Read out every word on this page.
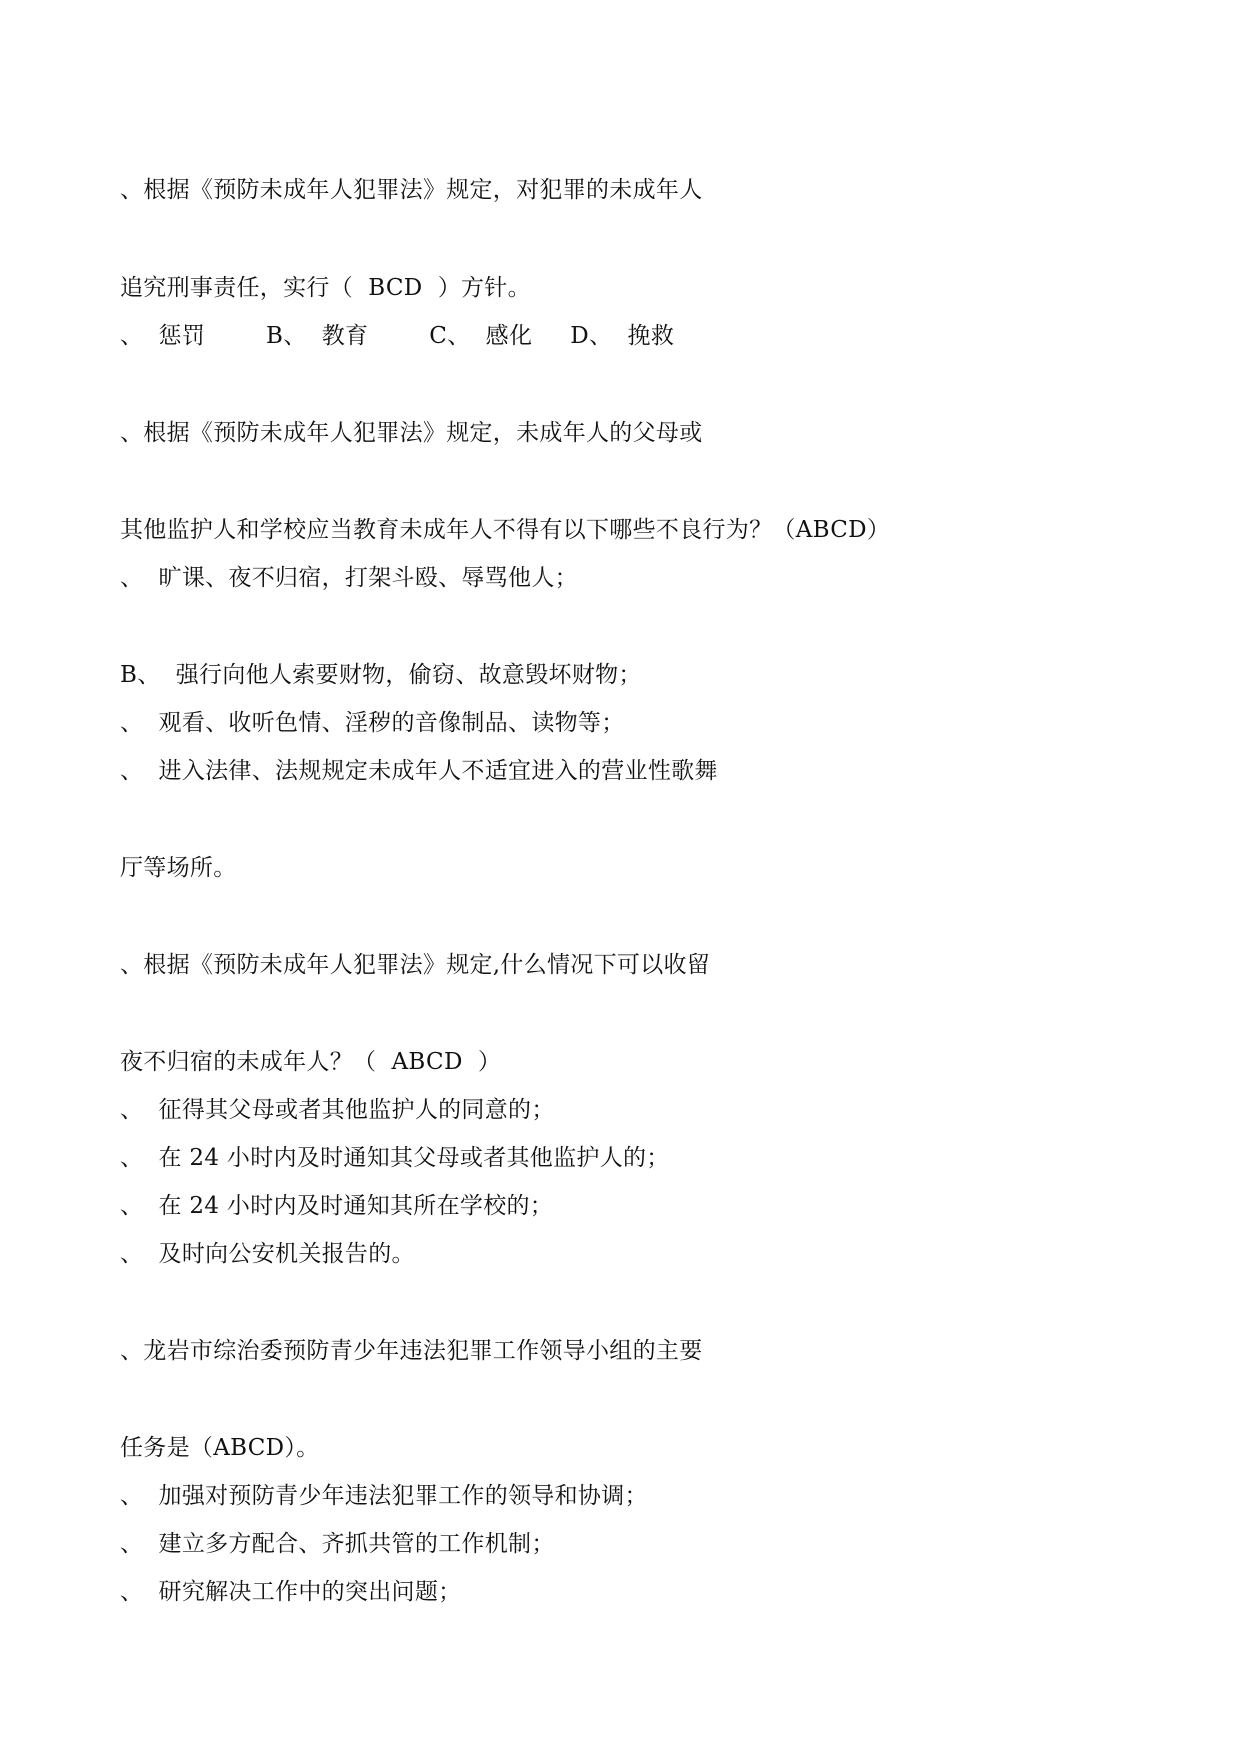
、根据《预防未成年人犯罪法》规定，对犯罪的未成年人
追究刑事责任，实行（  BCD  ）方针。
、  惩罚        B、  教育        C、  感化     D、  挽救
、根据《预防未成年人犯罪法》规定，未成年人的父母或
其他监护人和学校应当教育未成年人不得有以下哪些不良行为？（ABCD）
、  旷课、夜不归宿，打架斗殴、辱骂他人；
B、  强行向他人索要财物，偷窃、故意毁坏财物；
、  观看、收听色情、淫秽的音像制品、读物等；
、  进入法律、法规规定未成年人不适宜进入的营业性歌舞
厅等场所。
、根据《预防未成年人犯罪法》规定,什么情况下可以收留
夜不归宿的未成年人？（  ABCD  ）
、  征得其父母或者其他监护人的同意的；
、  在 24 小时内及时通知其父母或者其他监护人的；
、  在 24 小时内及时通知其所在学校的；
、  及时向公安机关报告的。
、龙岩市综治委预防青少年违法犯罪工作领导小组的主要
任务是（ABCD）。
、  加强对预防青少年违法犯罪工作的领导和协调；
、  建立多方配合、齐抓共管的工作机制；
、  研究解决工作中的突出问题；
